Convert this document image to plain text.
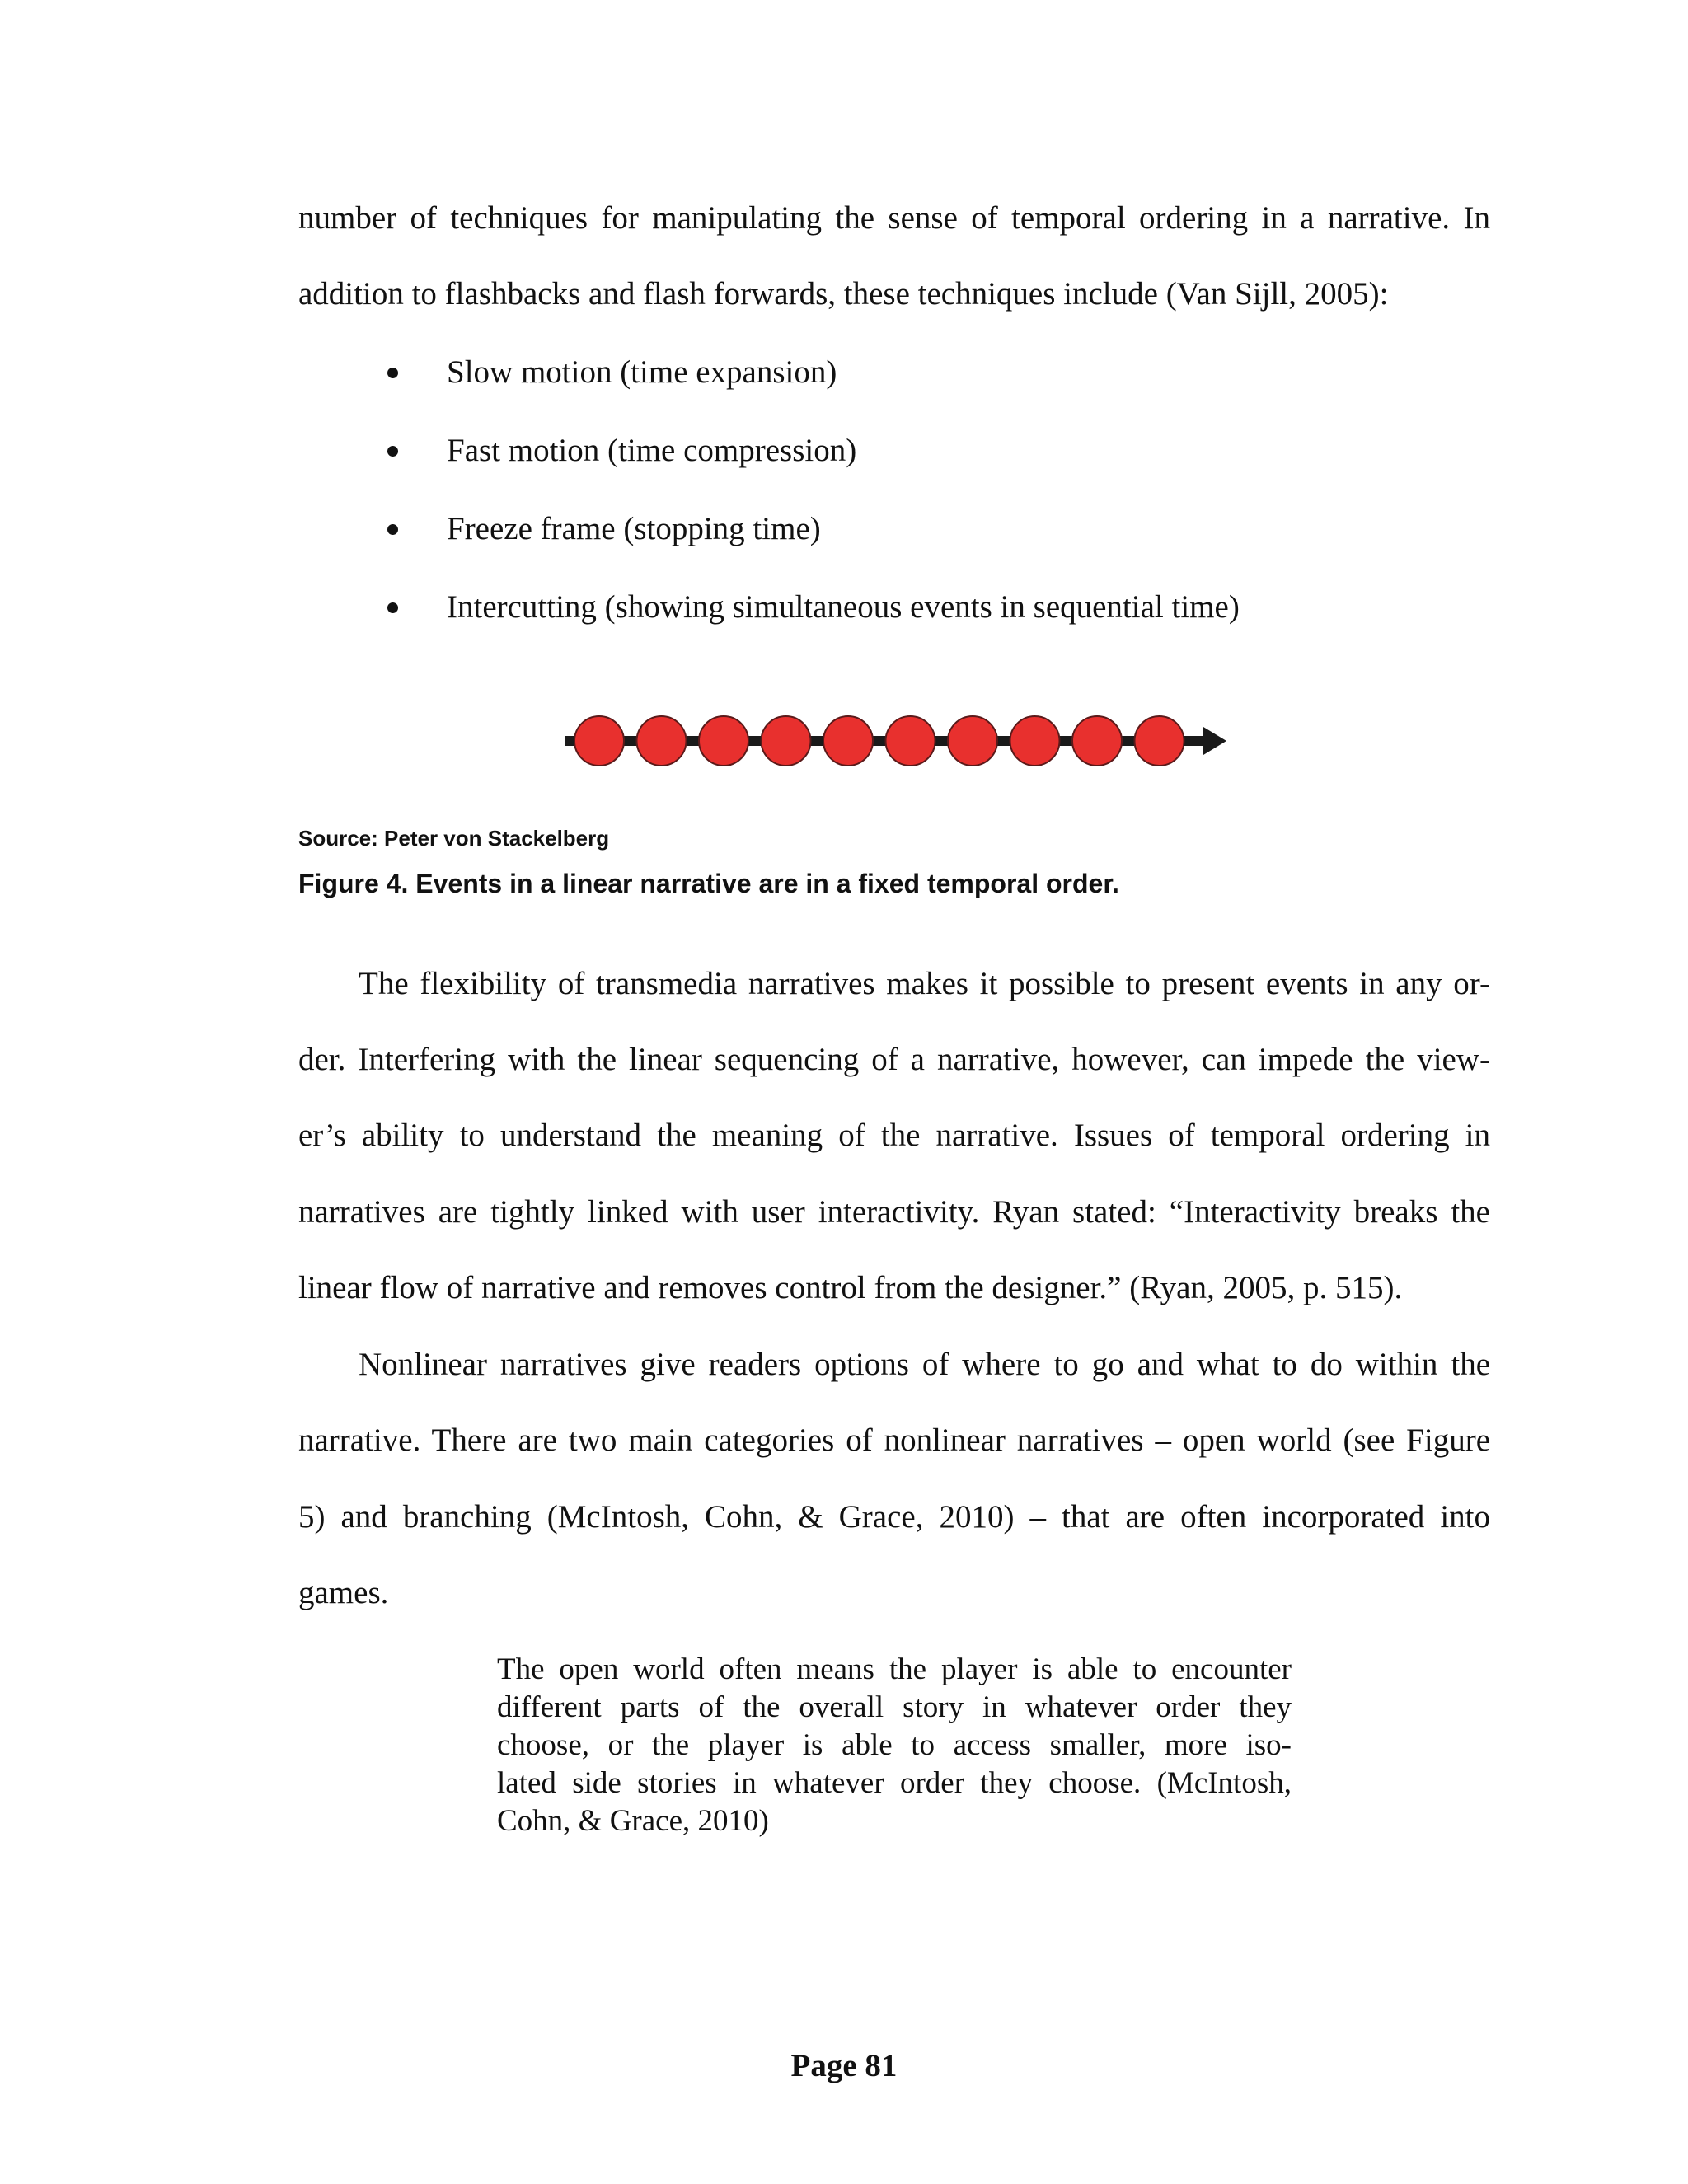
number of techniques for manipulating the sense of temporal ordering in a narrative. In
addition to flashbacks and flash forwards, these techniques include (Van Sijll, 2005):
Slow motion (time expansion)
Fast motion (time compression)
Freeze frame (stopping time)
Intercutting (showing simultaneous events in sequential time)
Source: Peter von Stackelberg
Figure 4. Events in a linear narrative are in a fixed temporal order.
The flexibility of transmedia narratives makes it possible to present events in any or-
der. Interfering with the linear sequencing of a narrative, however, can impede the view-
er’s ability to understand the meaning of the narrative. Issues of temporal ordering in
narratives are tightly linked with user interactivity. Ryan stated: “Interactivity breaks the
linear flow of narrative and removes control from the designer.” (Ryan, 2005, p. 515).
Nonlinear narratives give readers options of where to go and what to do within the
narrative. There are two main categories of nonlinear narratives – open world (see Figure
5) and branching (McIntosh, Cohn, & Grace, 2010) – that are often incorporated into
games.
The open world often means the player is able to encounter
different parts of the overall story in whatever order they
choose, or the player is able to access smaller, more iso-
lated side stories in whatever order they choose. (McIntosh,
Cohn, & Grace, 2010)
Page 81
